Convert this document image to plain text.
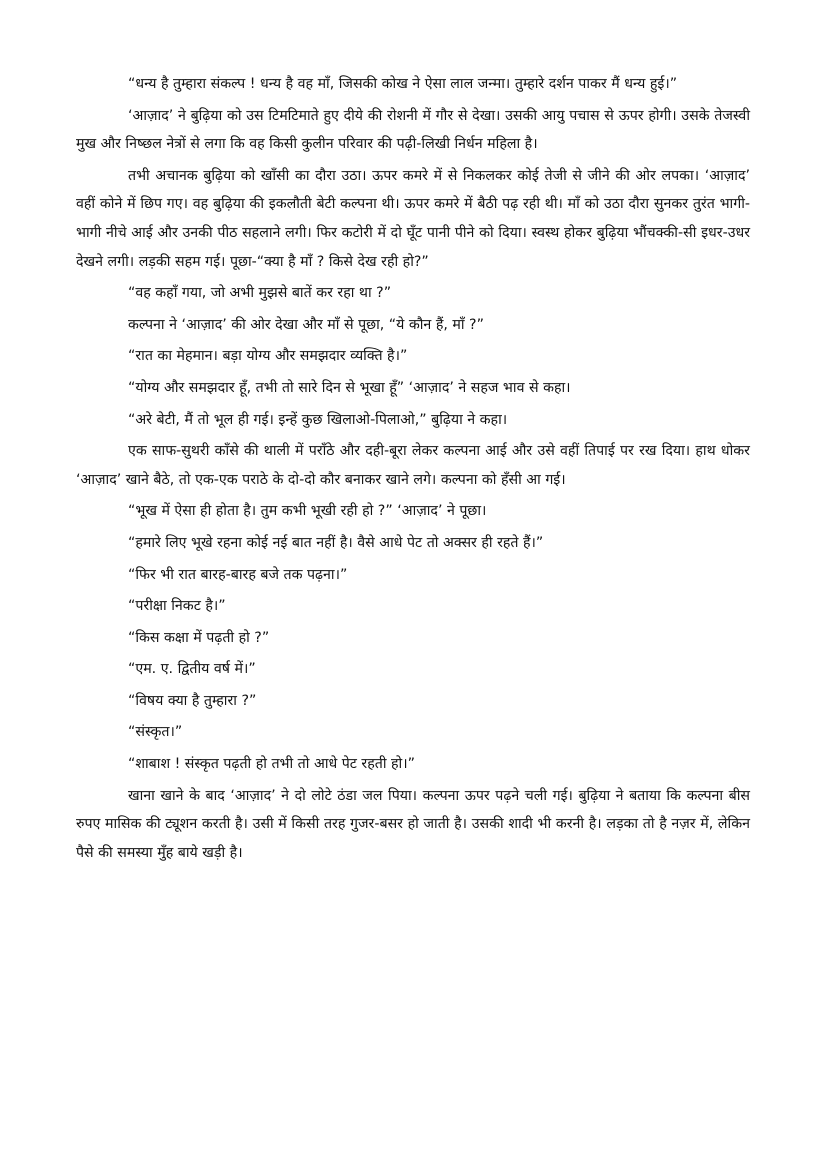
“धन्य है तुम्हारा संकल्प ! धन्य है वह माँ, जिसकी कोख ने ऐसा लाल जन्मा। तुम्हारे दर्शन पाकर मैं धन्य हुई।”

‘आज़ाद’ ने बुढ़िया को उस टिमटिमाते हुए दीये की रोशनी में गौर से देखा। उसकी आयु पचास से ऊपर होगी। उसके तेजस्वी मुख और निष्छल नेत्रों से लगा कि वह किसी कुलीन परिवार की पढ़ी-लिखी निर्धन महिला है।

तभी अचानक बुढ़िया को खाँसी का दौरा उठा। ऊपर कमरे में से निकलकर कोई तेजी से जीने की ओर लपका। ‘आज़ाद’ वहीं कोने में छिप गए। वह बुढ़िया की इकलौती बेटी कल्पना थी। ऊपर कमरे में बैठी पढ़ रही थी। माँ को उठा दौरा सुनकर तुरंत भागी-भागी नीचे आई और उनकी पीठ सहलाने लगी। फिर कटोरी में दो घूँट पानी पीने को दिया। स्वस्थ होकर बुढ़िया भौंचक्की-सी इधर-उधर देखने लगी। लड़की सहम गई। पूछा-“क्या है माँ ? किसे देख रही हो?”

“वह कहाँ गया, जो अभी मुझसे बातें कर रहा था ?”

कल्पना ने ‘आज़ाद’ की ओर देखा और माँ से पूछा, “ये कौन हैं, माँ ?”

“रात का मेहमान। बड़ा योग्य और समझदार व्यक्ति है।”

“योग्य और समझदार हूँ, तभी तो सारे दिन से भूखा हूँ” ‘आज़ाद’ ने सहज भाव से कहा।

“अरे बेटी, मैं तो भूल ही गई। इन्हें कुछ खिलाओ-पिलाओ,” बुढ़िया ने कहा।

एक साफ-सुथरी काँसे की थाली में पराँठे और दही-बूरा लेकर कल्पना आई और उसे वहीं तिपाई पर रख दिया। हाथ धोकर ‘आज़ाद’ खाने बैठे, तो एक-एक पराठे के दो-दो कौर बनाकर खाने लगे। कल्पना को हँसी आ गई।

“भूख में ऐसा ही होता है। तुम कभी भूखी रही हो ?” ‘आज़ाद’ ने पूछा।

“हमारे लिए भूखे रहना कोई नई बात नहीं है। वैसे आधे पेट तो अक्सर ही रहते हैं।”

“फिर भी रात बारह-बारह बजे तक पढ़ना।”

“परीक्षा निकट है।”

“किस कक्षा में पढ़ती हो ?”

“एम. ए. द्वितीय वर्ष में।”

“विषय क्या है तुम्हारा ?”

“संस्कृत।”

“शाबाश ! संस्कृत पढ़ती हो तभी तो आधे पेट रहती हो।”

खाना खाने के बाद ‘आज़ाद’ ने दो लोटे ठंडा जल पिया। कल्पना ऊपर पढ़ने चली गई। बुढ़िया ने बताया कि कल्पना बीस रुपए मासिक की ट्यूशन करती है। उसी में किसी तरह गुजर-बसर हो जाती है। उसकी शादी भी करनी है। लड़का तो है नज़र में, लेकिन पैसे की समस्या मुँह बाये खड़ी है।
